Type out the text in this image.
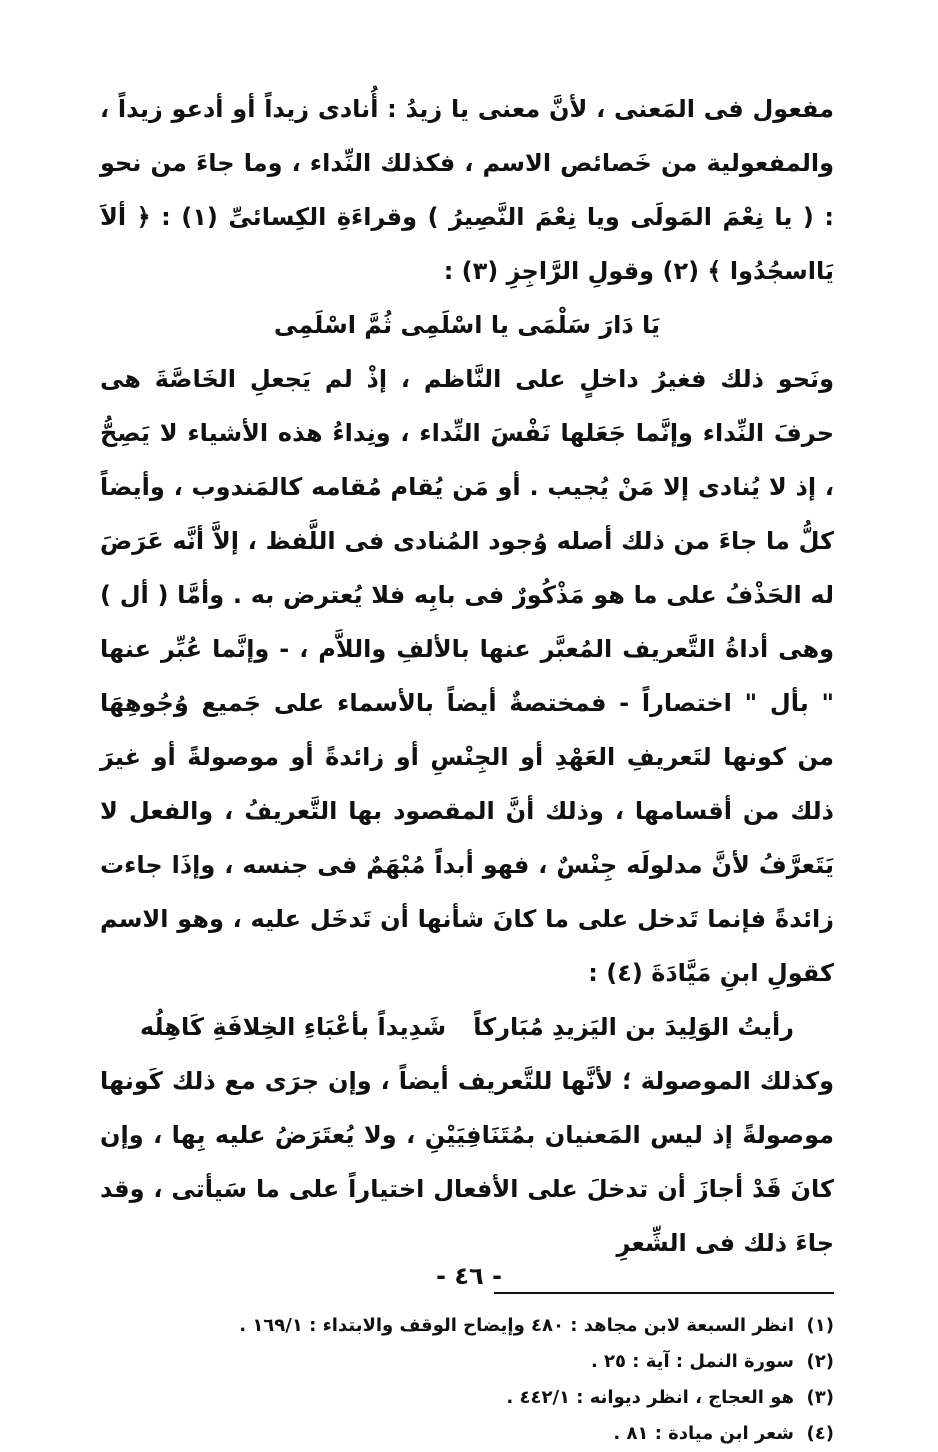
مفعول فى المَعنى ، لأنَّ معنى يا زيدُ : أُنادى زيداً أو أدعو زيداً ، والمفعولية من خَصائص الاسم ، فكذلك النِّداء ، وما جاءَ من نحو : ( يا نِعْمَ المَولَى ويا نِعْمَ النَّصِيرُ ) وقراءَةِ الكِسائىِّ (١) : ﴿ ألاَ يَااسجُدُوا ﴾ (٢) وقولِ الرَّاجِزِ (٣) :

يَا دَارَ سَلْمَى يا اسْلَمِى ثُمَّ اسْلَمِى

ونَحو ذلك فغيرُ داخلٍ على النَّاظم ، إذْ لم يَجعلِ الخَاصَّةَ هى حرفَ النِّداء وإنَّما جَعَلها نَفْسَ النِّداء ، ونِداءُ هذه الأشياء لا يَصِحُّ ، إذ لا يُنادى إلا مَنْ يُجيب . أو مَن يُقام مُقامه كالمَندوب ، وأيضاً كلُّ ما جاءَ من ذلك أصله وُجود المُنادى فى اللَّفظ ، إلاَّ أنَّه عَرَضَ له الحَذْفُ على ما هو مَذْكُورٌ فى بابِه فلا يُعترض به . وأمَّا ( أل ) وهى أداةُ التَّعريف المُعبَّر عنها بالألفِ واللاَّم ، - وإنَّما عُبِّر عنها " بأل " اختصاراً - فمختصةٌ أيضاً بالأسماء على جَميع وُجُوهِهَا من كونها لتَعريفِ العَهْدِ أو الجِنْسِ أو زائدةً أو موصولةً أو غيرَ ذلك من أقسامها ، وذلك أنَّ المقصود بها التَّعريفُ ، والفعل لا يَتَعرَّفُ لأنَّ مدلولَه جِنْسٌ ، فهو أبداً مُبْهَمٌ فى جنسه ، وإذَا جاءت زائدةً فإنما تَدخل على ما كانَ شأنها أن تَدخَل عليه ، وهو الاسم كقولِ ابنِ مَيَّادَةَ (٤) :

رأيتُ الوَلِيدَ بن اليَزيدِ مُبَاركاً
شَدِيداً بأعْبَاءِ الخِلافَةِ كَاهِلُه

وكذلك الموصولة ؛ لأنَّها للتَّعريف أيضاً ، وإن جرَى مع ذلك كَونها موصولةً إذ ليس المَعنيان بمُتَنَافِيَيْنِ ، ولا يُعتَرَضُ عليه بِها ، وإن كانَ قَدْ أجازَ أن تدخلَ على الأفعال اختياراً على ما سَيأتى ، وقد جاءَ ذلك فى الشِّعرِ

(١)انظر السبعة لابن مجاهد : ٤٨٠ وإيضاح الوقف والابتداء : ١٦٩/١ .

(٢)سورة النمل : آية : ٢٥ .

(٣)هو العجاج ، انظر ديوانه : ٤٤٢/١ .

(٤)شعر ابن ميادة : ٨١ .

- ٤٦ -
